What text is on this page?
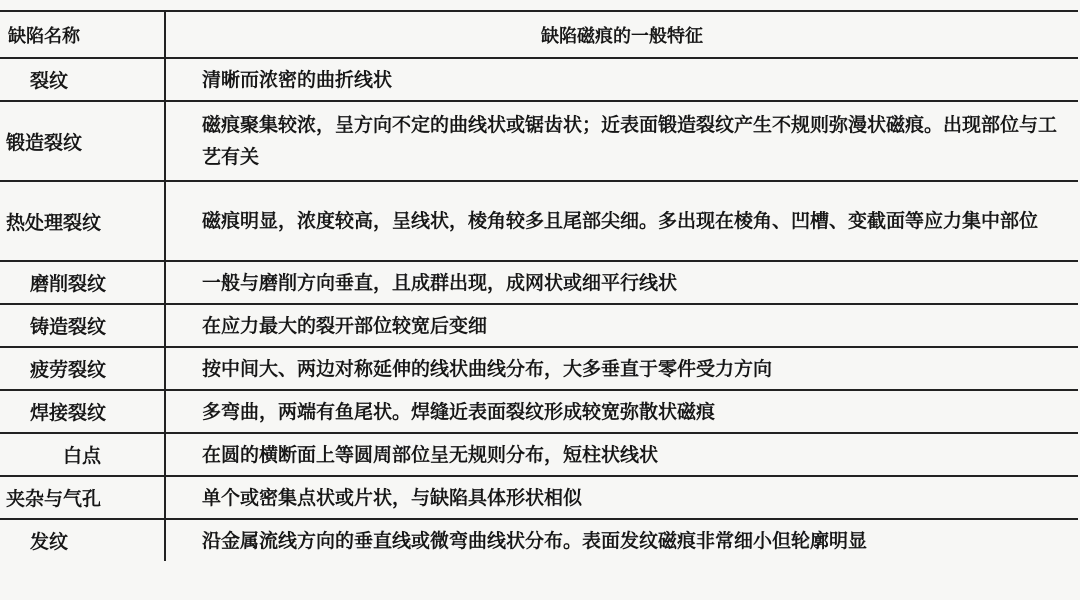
缺陷名称	缺陷磁痕的一般特征
裂纹	清晰而浓密的曲折线状
锻造裂纹	磁痕聚集较浓，呈方向不定的曲线状或锯齿状；近表面锻造裂纹产生不规则弥漫状磁痕。出现部位与工艺有关
热处理裂纹	磁痕明显，浓度较高，呈线状，棱角较多且尾部尖细。多出现在棱角、凹槽、变截面等应力集中部位
磨削裂纹	一般与磨削方向垂直，且成群出现，成网状或细平行线状
铸造裂纹	在应力最大的裂开部位较宽后变细
疲劳裂纹	按中间大、两边对称延伸的线状曲线分布，大多垂直于零件受力方向
焊接裂纹	多弯曲，两端有鱼尾状。焊缝近表面裂纹形成较宽弥散状磁痕
白点	在圆的横断面上等圆周部位呈无规则分布，短柱状线状
夹杂与气孔	单个或密集点状或片状，与缺陷具体形状相似
发纹	沿金属流线方向的垂直线或微弯曲线状分布。表面发纹磁痕非常细小但轮廓明显
